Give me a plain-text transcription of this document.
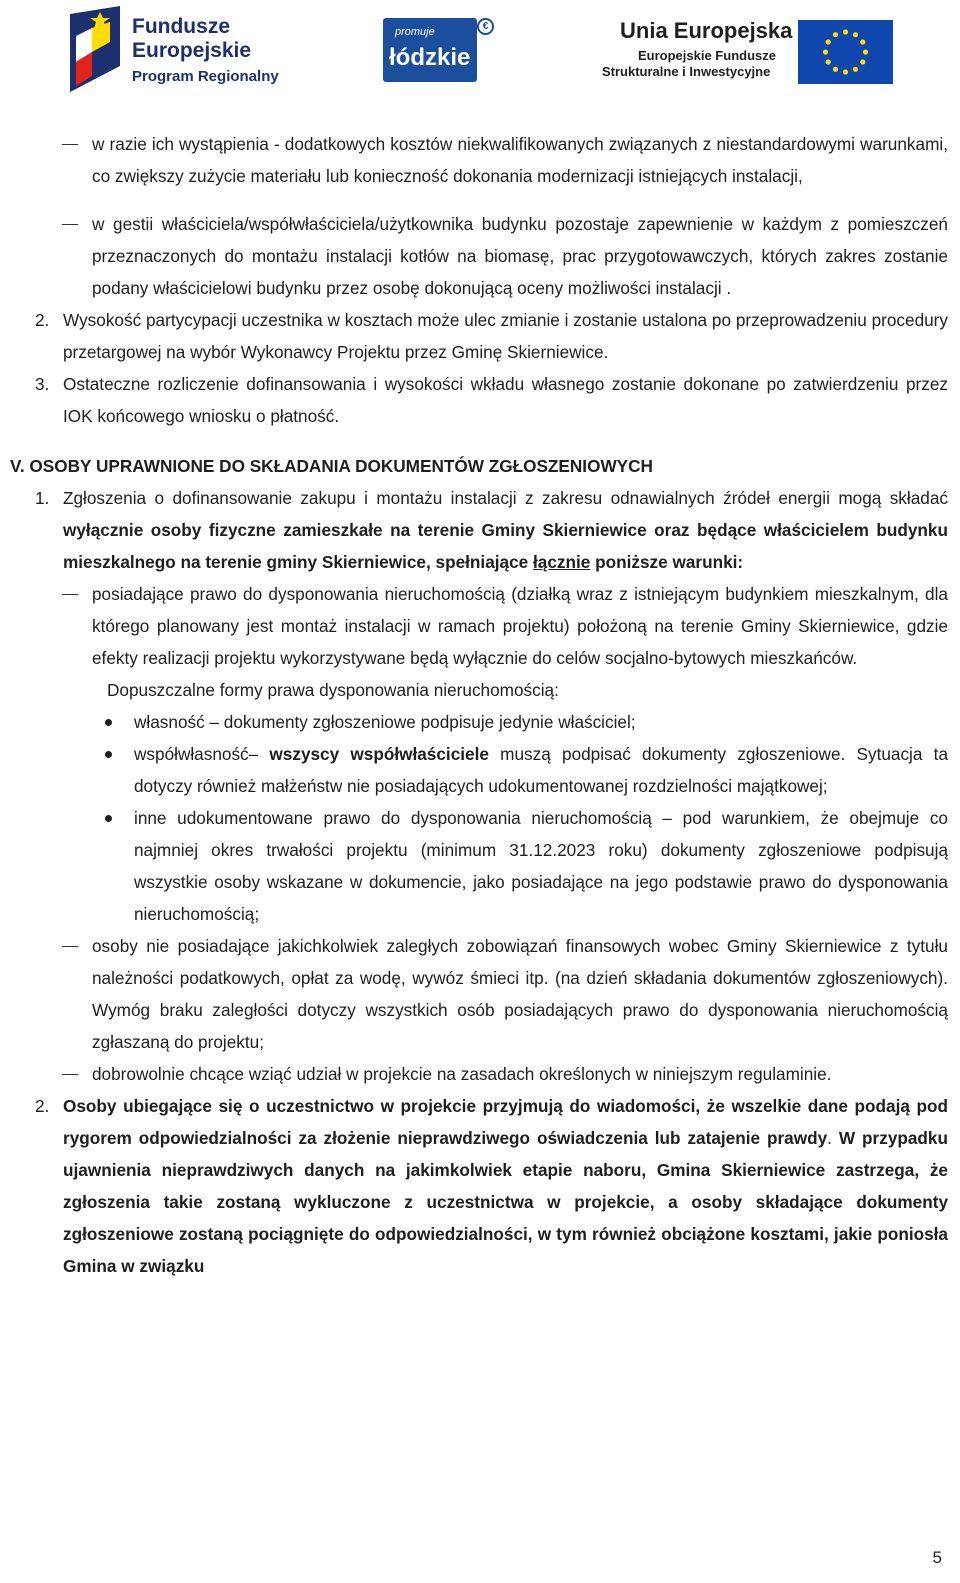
Fundusze
Europejskie
Program Regionalny
promuje
łódzkie
€	Unia Europejska
Europejskie Fundusze
Strukturalne i Inwestycyjne
w razie ich wystąpienia - dodatkowych kosztów niekwalifikowanych związanych z niestandardowymi warunkami, co zwiększy zużycie materiału lub konieczność dokonania modernizacji istniejących instalacji,
w gestii właściciela/współwłaściciela/użytkownika budynku pozostaje zapewnienie w każdym z pomieszczeń przeznaczonych do montażu instalacji kotłów na biomasę, prac przygotowawczych, których zakres zostanie podany właścicielowi budynku przez osobę dokonującą oceny możliwości instalacji .
2. Wysokość partycypacji uczestnika w kosztach może ulec zmianie i zostanie ustalona po przeprowadzeniu procedury przetargowej na wybór Wykonawcy Projektu przez Gminę Skierniewice.
3. Ostateczne rozliczenie dofinansowania i wysokości wkładu własnego zostanie dokonane po zatwierdzeniu przez IOK końcowego wniosku o płatność.
V. OSOBY UPRAWNIONE DO SKŁADANIA DOKUMENTÓW ZGŁOSZENIOWYCH
1. Zgłoszenia o dofinansowanie zakupu i montażu instalacji z zakresu odnawialnych źródeł energii mogą składać wyłącznie osoby fizyczne zamieszkałe na terenie Gminy Skierniewice oraz będące właścicielem budynku mieszkalnego na terenie gminy Skierniewice, spełniające łącznie poniższe warunki:
posiadające prawo do dysponowania nieruchomością (działką wraz z istniejącym budynkiem mieszkalnym, dla którego planowany jest montaż instalacji w ramach projektu) położoną na terenie Gminy Skierniewice, gdzie efekty realizacji projektu wykorzystywane będą wyłącznie do celów socjalno-bytowych mieszkańców.
Dopuszczalne formy prawa dysponowania nieruchomością:
własność – dokumenty zgłoszeniowe podpisuje jedynie właściciel;
współwłasność– wszyscy współwłaściciele muszą podpisać dokumenty zgłoszeniowe. Sytuacja ta dotyczy również małżeństw nie posiadających udokumentowanej rozdzielności majątkowej;
inne udokumentowane prawo do dysponowania nieruchomością – pod warunkiem, że obejmuje co najmniej okres trwałości projektu (minimum 31.12.2023 roku) dokumenty zgłoszeniowe podpisują wszystkie osoby wskazane w dokumencie, jako posiadające na jego podstawie prawo do dysponowania nieruchomością;
osoby nie posiadające jakichkolwiek zaległych zobowiązań finansowych wobec Gminy Skierniewice z tytułu należności podatkowych, opłat za wodę, wywóz śmieci itp. (na dzień składania dokumentów zgłoszeniowych). Wymóg braku zaległości dotyczy wszystkich osób posiadających prawo do dysponowania nieruchomością zgłaszaną do projektu;
dobrowolnie chcące wziąć udział w projekcie na zasadach określonych w niniejszym regulaminie.
2. Osoby ubiegające się o uczestnictwo w projekcie przyjmują do wiadomości, że wszelkie dane podają pod rygorem odpowiedzialności za złożenie nieprawdziwego oświadczenia lub zatajenie prawdy. W przypadku ujawnienia nieprawdziwych danych na jakimkolwiek etapie naboru, Gmina Skierniewice zastrzega, że zgłoszenia takie zostaną wykluczone z uczestnictwa w projekcie, a osoby składające dokumenty zgłoszeniowe zostaną pociągnięte do odpowiedzialności, w tym również obciążone kosztami, jakie poniosła Gmina w związku
5
